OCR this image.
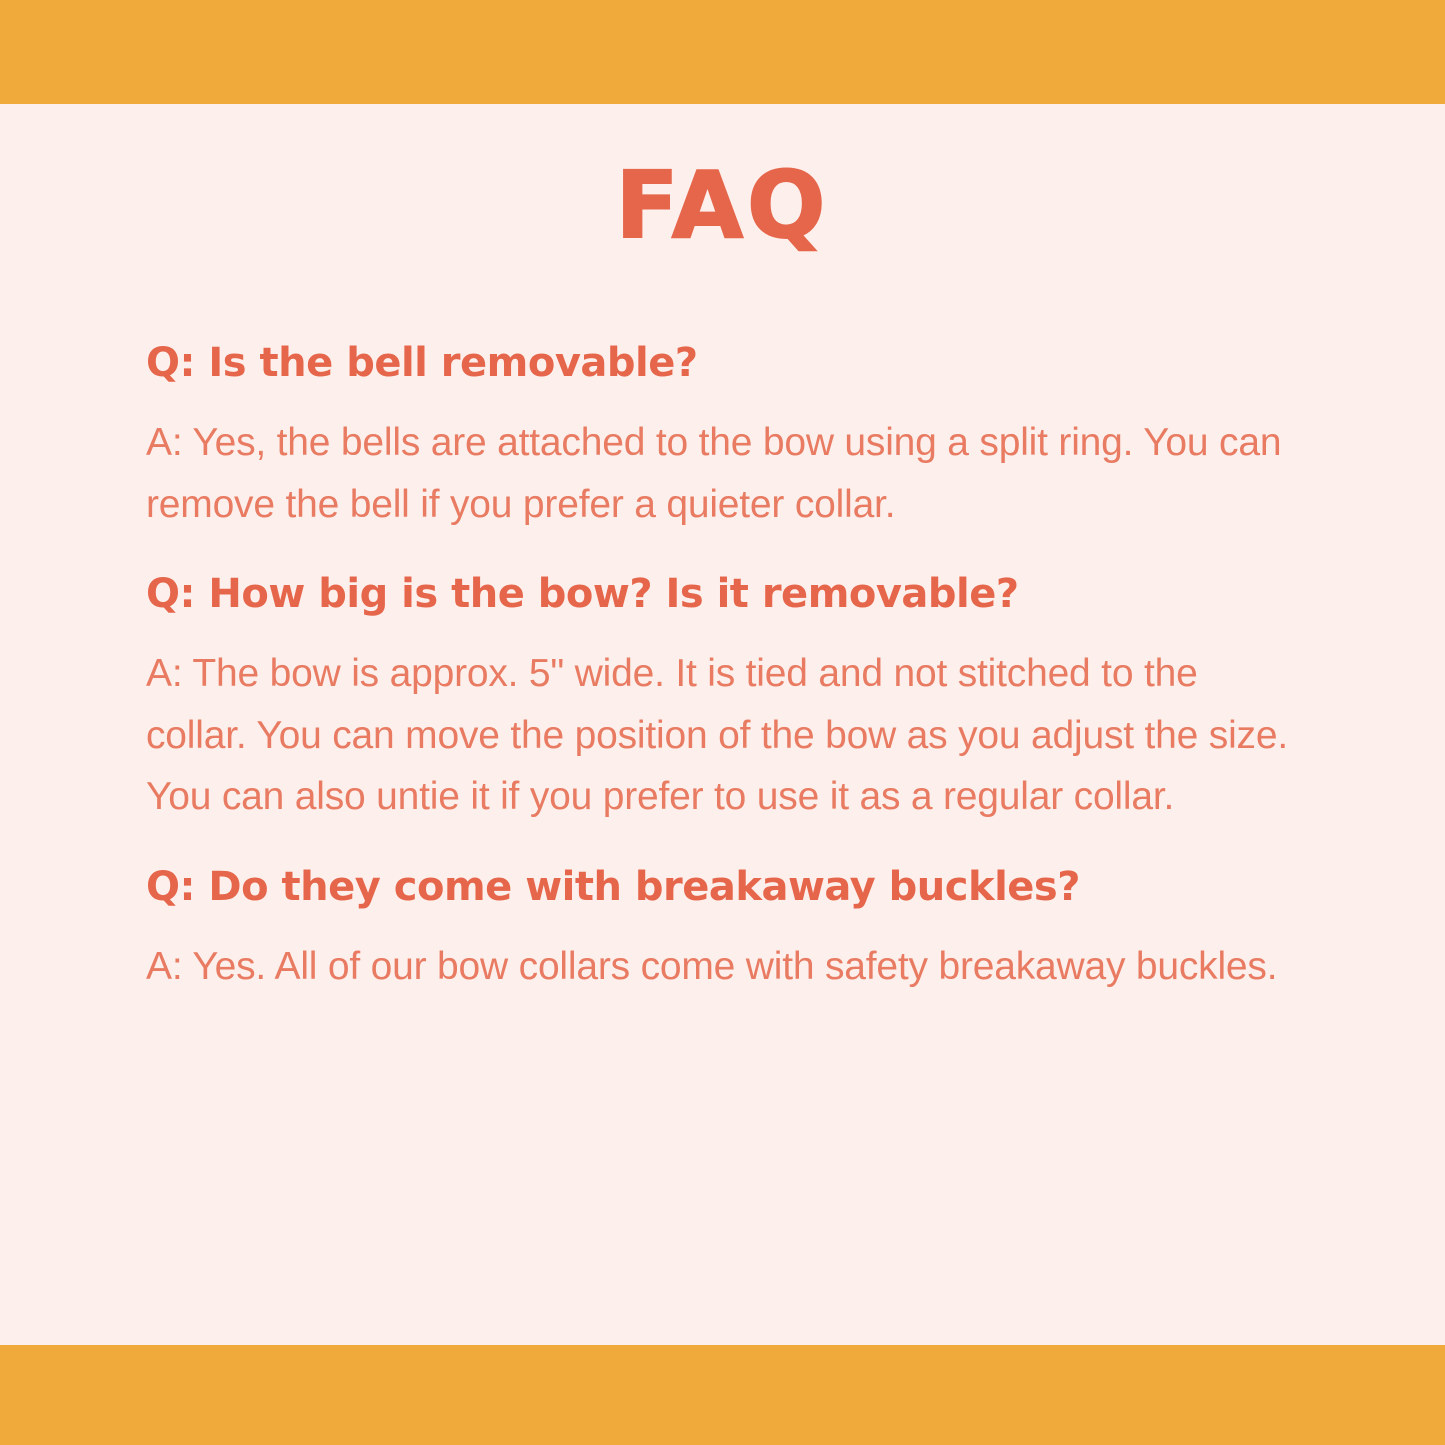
FAQ

Q: Is the bell removable?

A: Yes, the bells are attached to the bow using a split ring. You can remove the bell if you prefer a quieter collar.

Q: How big is the bow? Is it removable?

A: The bow is approx. 5" wide. It is tied and not stitched to the collar. You can move the position of the bow as you adjust the size. You can also untie it if you prefer to use it as a regular collar.

Q: Do they come with breakaway buckles?

A: Yes. All of our bow collars come with safety breakaway buckles.
